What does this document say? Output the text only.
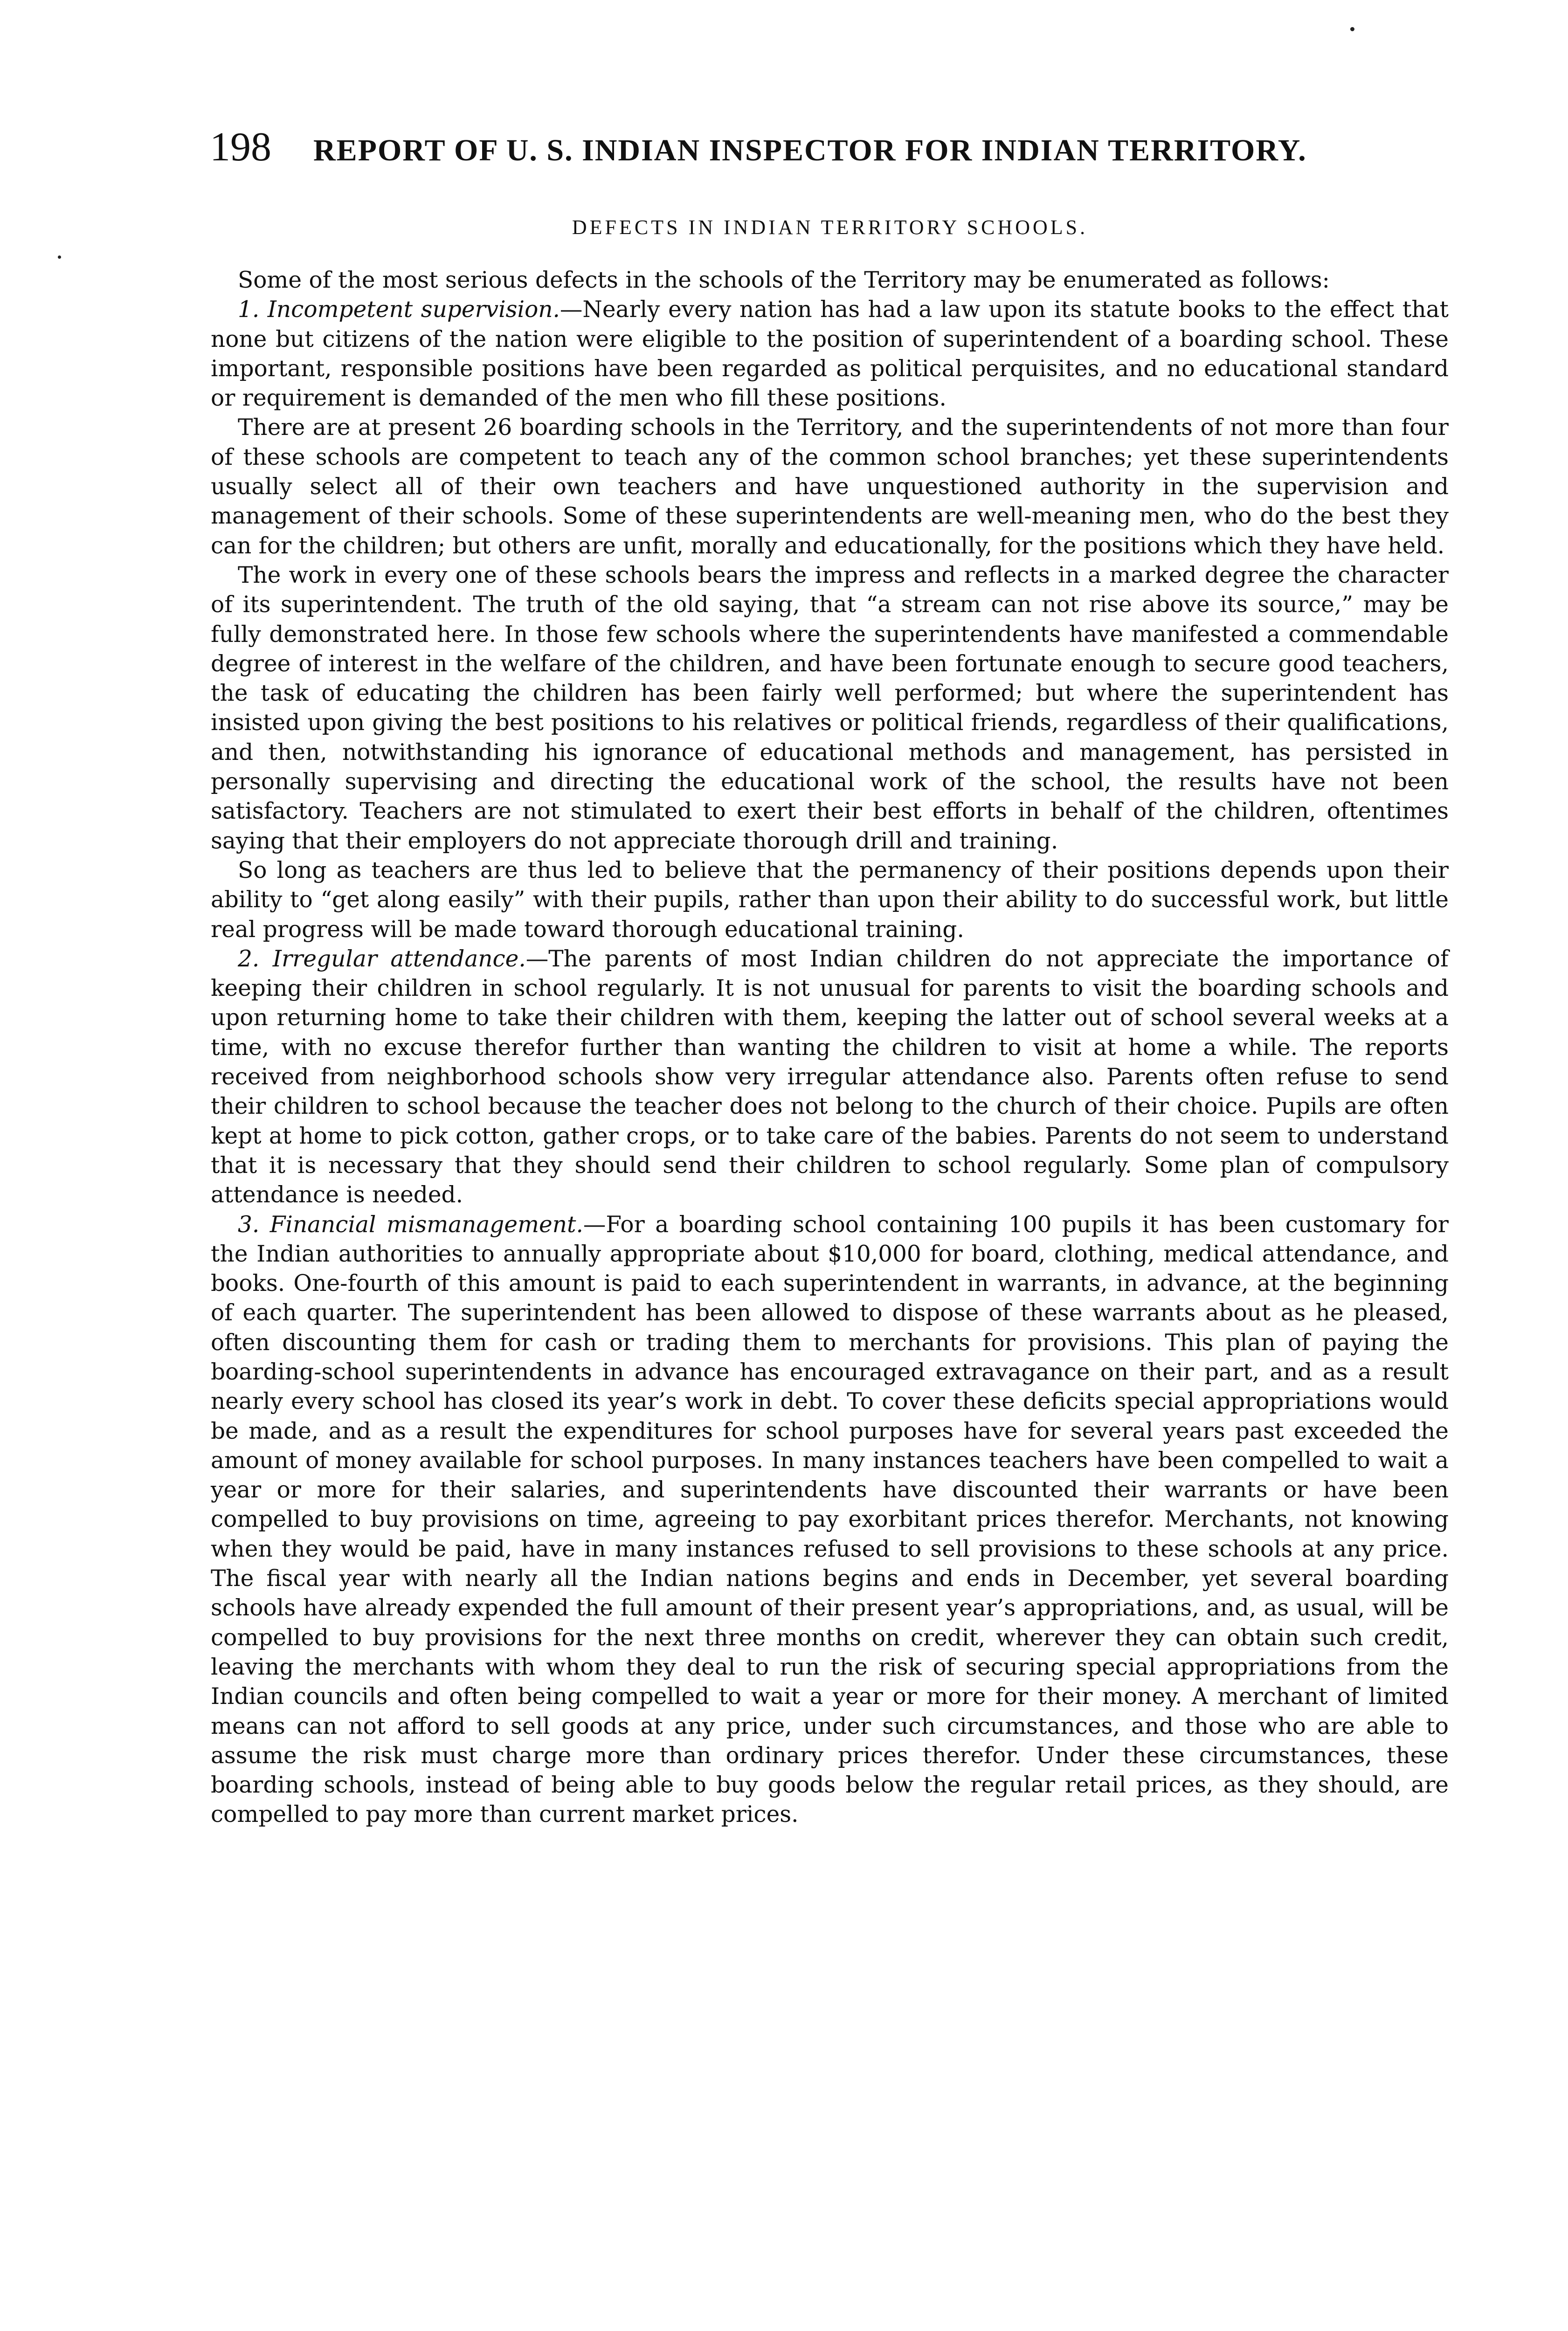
198 REPORT OF U. S. INDIAN INSPECTOR FOR INDIAN TERRITORY.
DEFECTS IN INDIAN TERRITORY SCHOOLS.

Some of the most serious defects in the schools of the Territory may be enumerated as follows:

1. Incompetent supervision.—Nearly every nation has had a law upon its statute books to the effect that none but citizens of the nation were eligible to the position of superintendent of a boarding school. These important, responsible positions have been regarded as political perquisites, and no educational standard or requirement is demanded of the men who fill these positions.

There are at present 26 boarding schools in the Territory, and the superintendents of not more than four of these schools are competent to teach any of the common school branches; yet these superintendents usually select all of their own teachers and have unquestioned authority in the supervision and management of their schools. Some of these superintendents are well-meaning men, who do the best they can for the children; but others are unfit, morally and educationally, for the positions which they have held.

The work in every one of these schools bears the impress and reflects in a marked degree the character of its superintendent. The truth of the old saying, that “a stream can not rise above its source,” may be fully demonstrated here. In those few schools where the superintendents have manifested a commendable degree of interest in the welfare of the children, and have been fortunate enough to secure good teachers, the task of educating the children has been fairly well performed; but where the superintendent has insisted upon giving the best positions to his relatives or political friends, regardless of their qualifications, and then, notwithstanding his ignorance of educational methods and management, has persisted in personally supervising and directing the educational work of the school, the results have not been satisfactory. Teachers are not stimulated to exert their best efforts in behalf of the children, oftentimes saying that their employers do not appreciate thorough drill and training.

So long as teachers are thus led to believe that the permanency of their positions depends upon their ability to “get along easily” with their pupils, rather than upon their ability to do successful work, but little real progress will be made toward thorough educational training.

2. Irregular attendance.—The parents of most Indian children do not appreciate the importance of keeping their children in school regularly. It is not unusual for parents to visit the boarding schools and upon returning home to take their children with them, keeping the latter out of school several weeks at a time, with no excuse therefor further than wanting the children to visit at home a while. The reports received from neighborhood schools show very irregular attendance also. Parents often refuse to send their children to school because the teacher does not belong to the church of their choice. Pupils are often kept at home to pick cotton, gather crops, or to take care of the babies. Parents do not seem to understand that it is necessary that they should send their children to school regularly. Some plan of compulsory attendance is needed.

3. Financial mismanagement.—For a boarding school containing 100 pupils it has been customary for the Indian authorities to annually appropriate about $10,000 for board, clothing, medical attendance, and books. One-fourth of this amount is paid to each superintendent in warrants, in advance, at the beginning of each quarter. The superintendent has been allowed to dispose of these warrants about as he pleased, often discounting them for cash or trading them to merchants for provisions. This plan of paying the boarding-school superintendents in advance has encouraged extravagance on their part, and as a result nearly every school has closed its year’s work in debt. To cover these deficits special appropriations would be made, and as a result the expenditures for school purposes have for several years past exceeded the amount of money available for school purposes. In many instances teachers have been compelled to wait a year or more for their salaries, and superintendents have discounted their warrants or have been compelled to buy provisions on time, agreeing to pay exorbitant prices therefor. Merchants, not knowing when they would be paid, have in many instances refused to sell provisions to these schools at any price. The fiscal year with nearly all the Indian nations begins and ends in December, yet several boarding schools have already expended the full amount of their present year’s appropriations, and, as usual, will be compelled to buy provisions for the next three months on credit, wherever they can obtain such credit, leaving the merchants with whom they deal to run the risk of securing special appropriations from the Indian councils and often being compelled to wait a year or more for their money. A merchant of limited means can not afford to sell goods at any price, under such circumstances, and those who are able to assume the risk must charge more than ordinary prices therefor. Under these circumstances, these boarding schools, instead of being able to buy goods below the regular retail prices, as they should, are compelled to pay more than current market prices.
